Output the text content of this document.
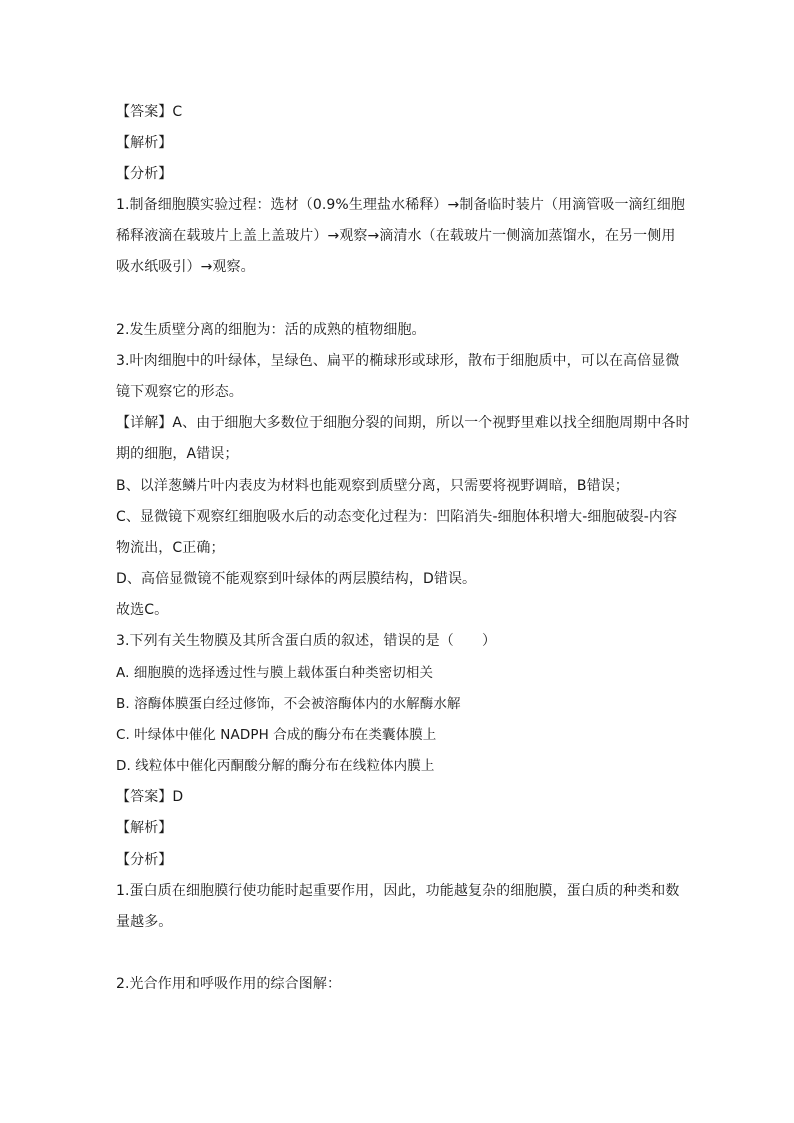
【答案】C
【解析】
【分析】
1.制备细胞膜实验过程：选材（0.9%生理盐水稀释）→制备临时装片（用滴管吸一滴红细胞
稀释液滴在载玻片上盖上盖玻片）→观察→滴清水（在载玻片一侧滴加蒸馏水，在另一侧用
吸水纸吸引）→观察。
2.发生质壁分离的细胞为：活的成熟的植物细胞。
3.叶肉细胞中的叶绿体，呈绿色、扁平的椭球形或球形，散布于细胞质中，可以在高倍显微
镜下观察它的形态。
【详解】A、由于细胞大多数位于细胞分裂的间期，所以一个视野里难以找全细胞周期中各时
期的细胞，A错误；
B、以洋葱鳞片叶内表皮为材料也能观察到质壁分离，只需要将视野调暗，B错误；
C、显微镜下观察红细胞吸水后的动态变化过程为：凹陷消失-细胞体积增大-细胞破裂-内容
物流出，C正确；
D、高倍显微镜不能观察到叶绿体的两层膜结构，D错误。
故选C。
3.下列有关生物膜及其所含蛋白质的叙述，错误的是（　　）
A. 细胞膜的选择透过性与膜上载体蛋白种类密切相关
B. 溶酶体膜蛋白经过修饰，不会被溶酶体内的水解酶水解
C. 叶绿体中催化 NADPH 合成的酶分布在类囊体膜上
D. 线粒体中催化丙酮酸分解的酶分布在线粒体内膜上
【答案】D
【解析】
【分析】
1.蛋白质在细胞膜行使功能时起重要作用，因此，功能越复杂的细胞膜，蛋白质的种类和数
量越多。
2.光合作用和呼吸作用的综合图解：
